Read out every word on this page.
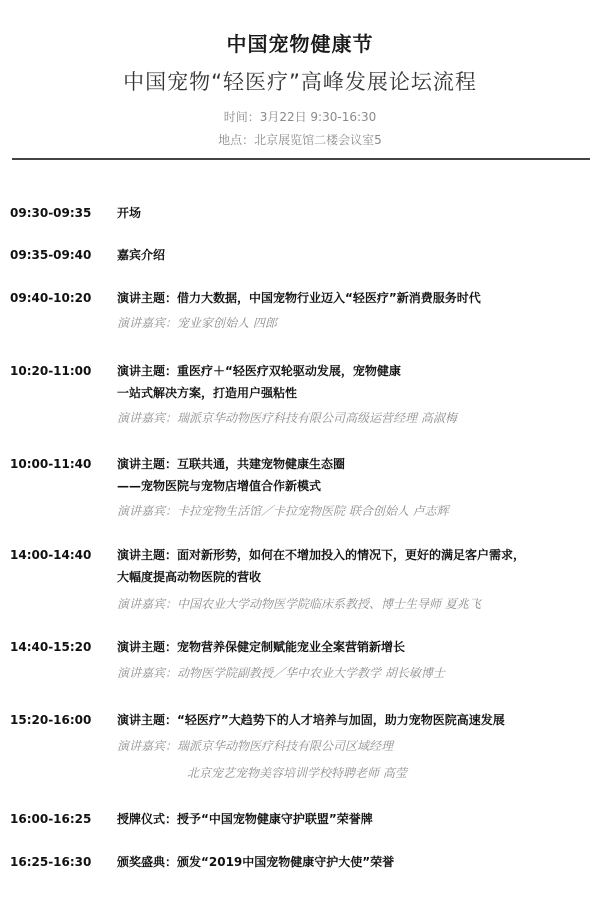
中国宠物健康节
中国宠物“轻医疗”高峰发展论坛流程
时间：3月22日 9:30-16:30
地点：北京展览馆二楼会议室5
09:30-09:35 开场
09:35-09:40 嘉宾介绍
09:40-10:20 演讲主题：借力大数据，中国宠物行业迈入“轻医疗”新消费服务时代
演讲嘉宾：宠业家创始人 四郎
10:20-11:00 演讲主题：重医疗＋“轻医疗双轮驱动发展，宠物健康
一站式解决方案，打造用户强粘性
演讲嘉宾：瑞派京华动物医疗科技有限公司高级运营经理 高淑梅
10:00-11:40 演讲主题：互联共通，共建宠物健康生态圈
——宠物医院与宠物店增值合作新模式
演讲嘉宾：卡拉宠物生活馆／卡拉宠物医院 联合创始人 卢志辉
14:00-14:40 演讲主题：面对新形势，如何在不增加投入的情况下，更好的满足客户需求，
大幅度提高动物医院的营收
演讲嘉宾：中国农业大学动物医学院临床系教授、博士生导师 夏兆飞
14:40-15:20 演讲主题：宠物营养保健定制赋能宠业全案营销新增长
演讲嘉宾：动物医学院副教授／华中农业大学教学 胡长敏博士
15:20-16:00 演讲主题：“轻医疗”大趋势下的人才培养与加固，助力宠物医院高速发展
演讲嘉宾：瑞派京华动物医疗科技有限公司区域经理
北京宠艺宠物美容培训学校特聘老师 高莹
16:00-16:25 授牌仪式：授予“中国宠物健康守护联盟”荣誉牌
16:25-16:30 颁奖盛典：颁发“2019中国宠物健康守护大使”荣誉
